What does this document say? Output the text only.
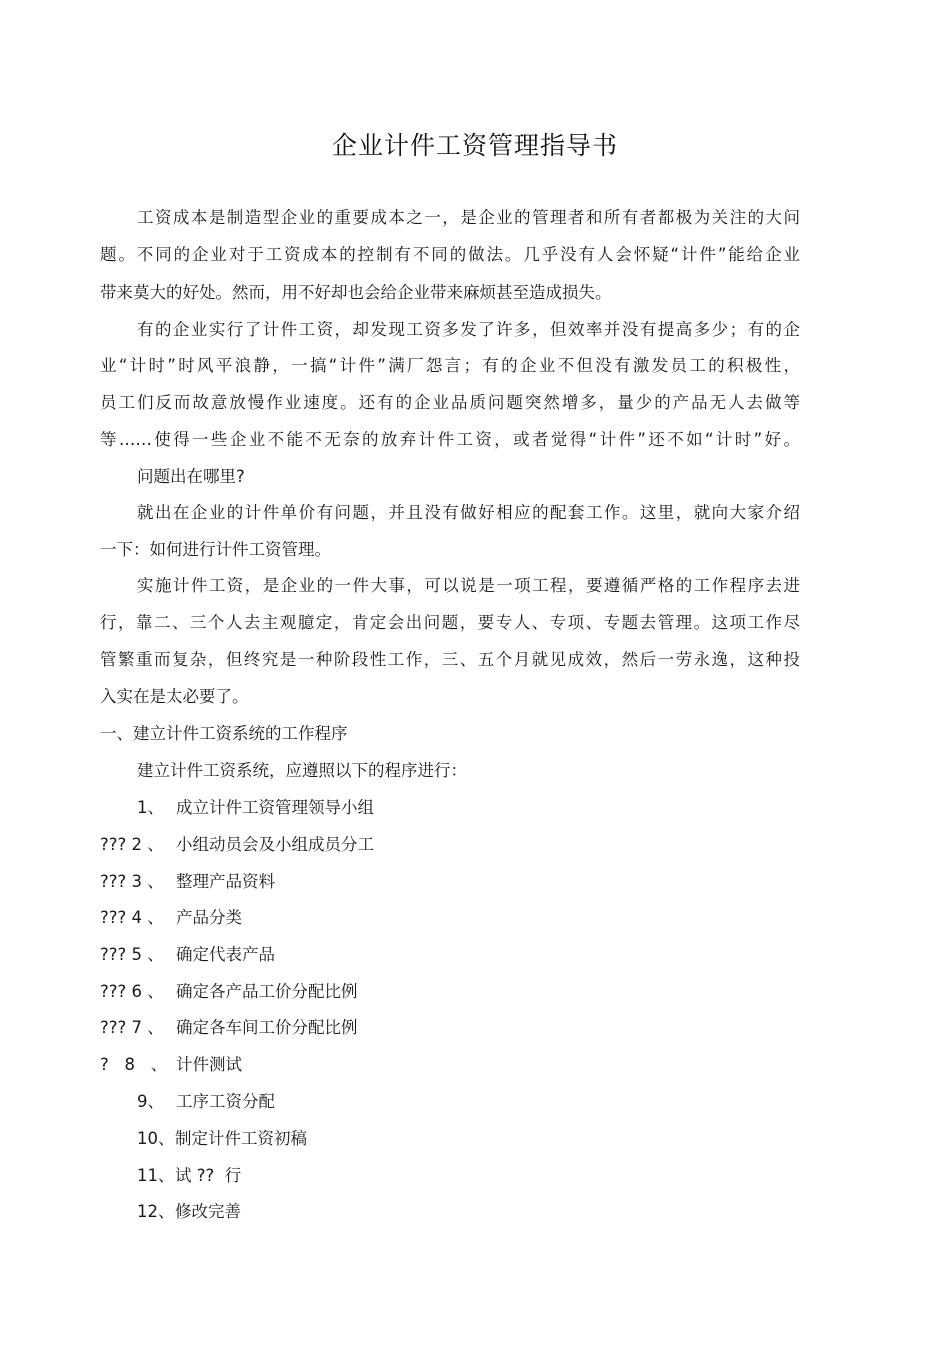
企业计件工资管理指导书
工资成本是制造型企业的重要成本之一，是企业的管理者和所有者都极为关注的大问
题。不同的企业对于工资成本的控制有不同的做法。几乎没有人会怀疑“计件”能给企业
带来莫大的好处。然而，用不好却也会给企业带来麻烦甚至造成损失。
有的企业实行了计件工资，却发现工资多发了许多，但效率并没有提高多少；有的企
业“计时”时风平浪静，一搞“计件”满厂怨言；有的企业不但没有激发员工的积极性，
员工们反而故意放慢作业速度。还有的企业品质问题突然增多，量少的产品无人去做等
等……使得一些企业不能不无奈的放弃计件工资，或者觉得“计件”还不如“计时”好。
问题出在哪里?
就出在企业的计件单价有问题，并且没有做好相应的配套工作。这里，就向大家介绍
一下：如何进行计件工资管理。
实施计件工资，是企业的一件大事，可以说是一项工程，要遵循严格的工作程序去进
行，靠二、三个人去主观臆定，肯定会出问题，要专人、专项、专题去管理。这项工作尽
管繁重而复杂，但终究是一种阶段性工作，三、五个月就见成效，然后一劳永逸，这种投
入实在是太必要了。
一、建立计件工资系统的工作程序
建立计件工资系统，应遵照以下的程序进行：
1、 成立计件工资管理领导小组
??? 2 、 小组动员会及小组成员分工
??? 3 、 整理产品资料
??? 4 、 产品分类
??? 5 、 确定代表产品
??? 6 、 确定各产品工价分配比例
??? 7 、 确定各车间工价分配比例
?   8   、 计件测试
9、 工序工资分配
10、 制定计件工资初稿
11、 试 ??  行
12、 修改完善
